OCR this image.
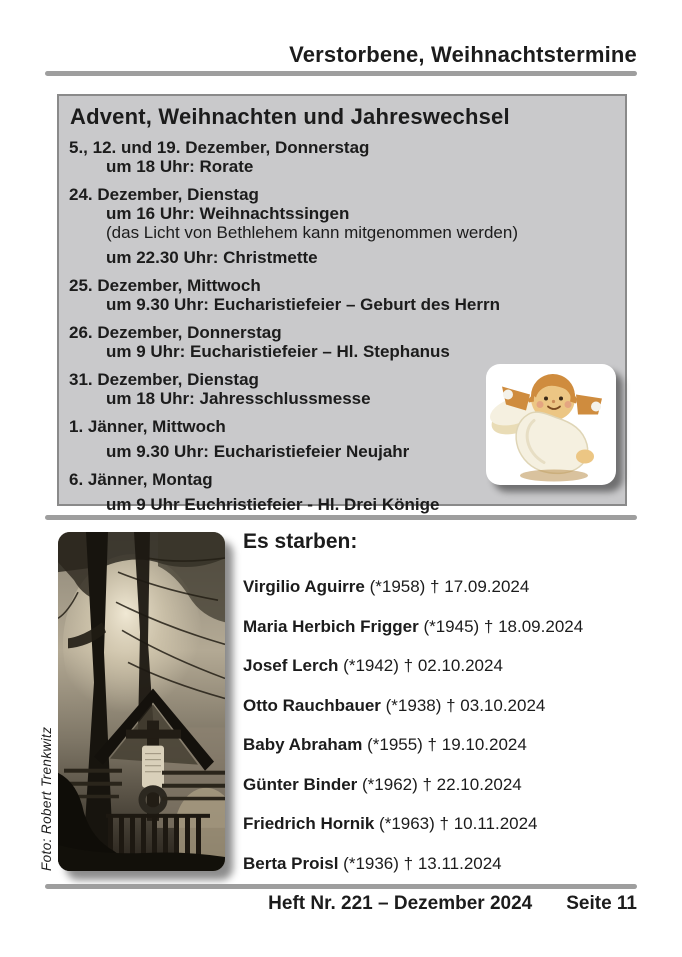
Verstorbene, Weihnachtstermine
Advent, Weihnachten und Jahreswechsel
5., 12. und 19. Dezember, Donnerstag
um 18 Uhr: Rorate
24. Dezember, Dienstag
um 16 Uhr: Weihnachtssingen
(das Licht von Bethlehem kann mitgenommen werden)
um 22.30 Uhr: Christmette
25. Dezember, Mittwoch
um 9.30 Uhr: Eucharistiefeier – Geburt des Herrn
26. Dezember, Donnerstag
um 9 Uhr: Eucharistiefeier – Hl. Stephanus
31. Dezember, Dienstag
um 18 Uhr: Jahresschlussmesse
1. Jänner, Mittwoch
um 9.30 Uhr: Eucharistiefeier Neujahr
6. Jänner, Montag
um 9 Uhr Euchristiefeier - Hl. Drei Könige
Foto: Robert Trenkwitz
Es starben:
Virgilio Aguirre (*1958) † 17.09.2024
Maria Herbich Frigger (*1945) † 18.09.2024
Josef Lerch (*1942) † 02.10.2024
Otto Rauchbauer (*1938) † 03.10.2024
Baby Abraham (*1955) † 19.10.2024
Günter Binder (*1962) † 22.10.2024
Friedrich Hornik (*1963) † 10.11.2024
Berta Proisl (*1936) † 13.11.2024
Heft Nr. 221 – Dezember 2024 Seite 11
